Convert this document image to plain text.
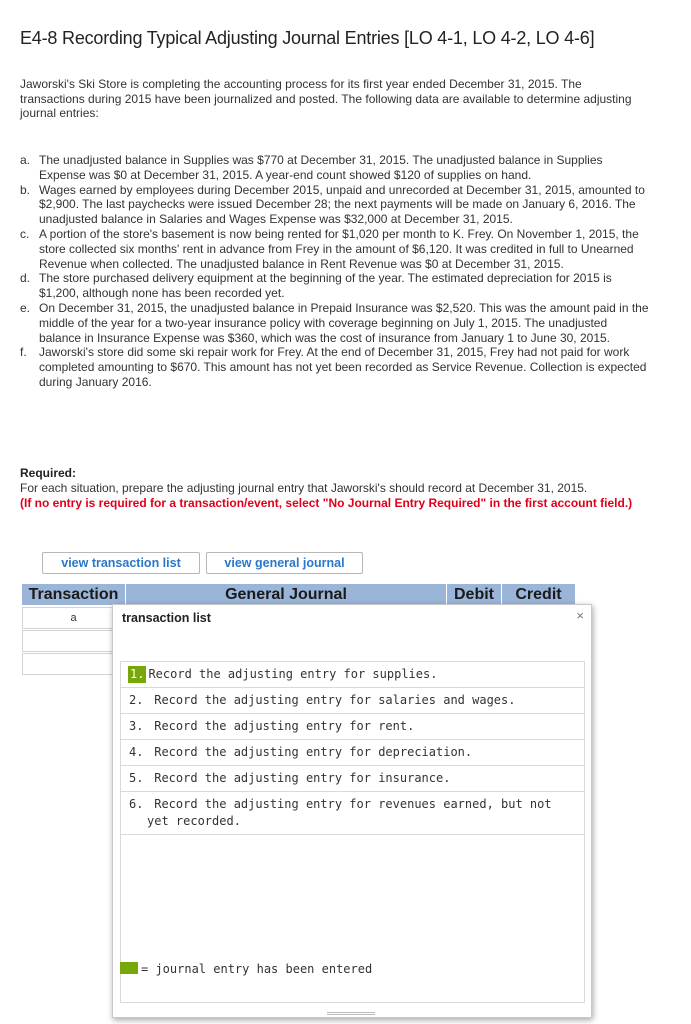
E4-8 Recording Typical Adjusting Journal Entries [LO 4-1, LO 4-2, LO 4-6]
Jaworski's Ski Store is completing the accounting process for its first year ended December 31, 2015. The transactions during 2015 have been journalized and posted. The following data are available to determine adjusting journal entries:
a. The unadjusted balance in Supplies was $770 at December 31, 2015. The unadjusted balance in Supplies Expense was $0 at December 31, 2015. A year-end count showed $120 of supplies on hand.
b. Wages earned by employees during December 2015, unpaid and unrecorded at December 31, 2015, amounted to $2,900. The last paychecks were issued December 28; the next payments will be made on January 6, 2016. The unadjusted balance in Salaries and Wages Expense was $32,000 at December 31, 2015.
c. A portion of the store's basement is now being rented for $1,020 per month to K. Frey. On November 1, 2015, the store collected six months' rent in advance from Frey in the amount of $6,120. It was credited in full to Unearned Revenue when collected. The unadjusted balance in Rent Revenue was $0 at December 31, 2015.
d. The store purchased delivery equipment at the beginning of the year. The estimated depreciation for 2015 is $1,200, although none has been recorded yet.
e. On December 31, 2015, the unadjusted balance in Prepaid Insurance was $2,520. This was the amount paid in the middle of the year for a two-year insurance policy with coverage beginning on July 1, 2015. The unadjusted balance in Insurance Expense was $360, which was the cost of insurance from January 1 to June 30, 2015.
f. Jaworski's store did some ski repair work for Frey. At the end of December 31, 2015, Frey had not paid for work completed amounting to $670. This amount has not yet been recorded as Service Revenue. Collection is expected during January 2016.
Required:
For each situation, prepare the adjusting journal entry that Jaworski's should record at December 31, 2015.
(If no entry is required for a transaction/event, select "No Journal Entry Required" in the first account field.)
view transaction list	view general journal
Transaction	General Journal	Debit	Credit
a	transaction list	×
1. Record the adjusting entry for supplies.
2. Record the adjusting entry for salaries and wages.
3. Record the adjusting entry for rent.
4. Record the adjusting entry for depreciation.
5. Record the adjusting entry for insurance.
6. Record the adjusting entry for revenues earned, but not
yet recorded.
= journal entry has been entered
